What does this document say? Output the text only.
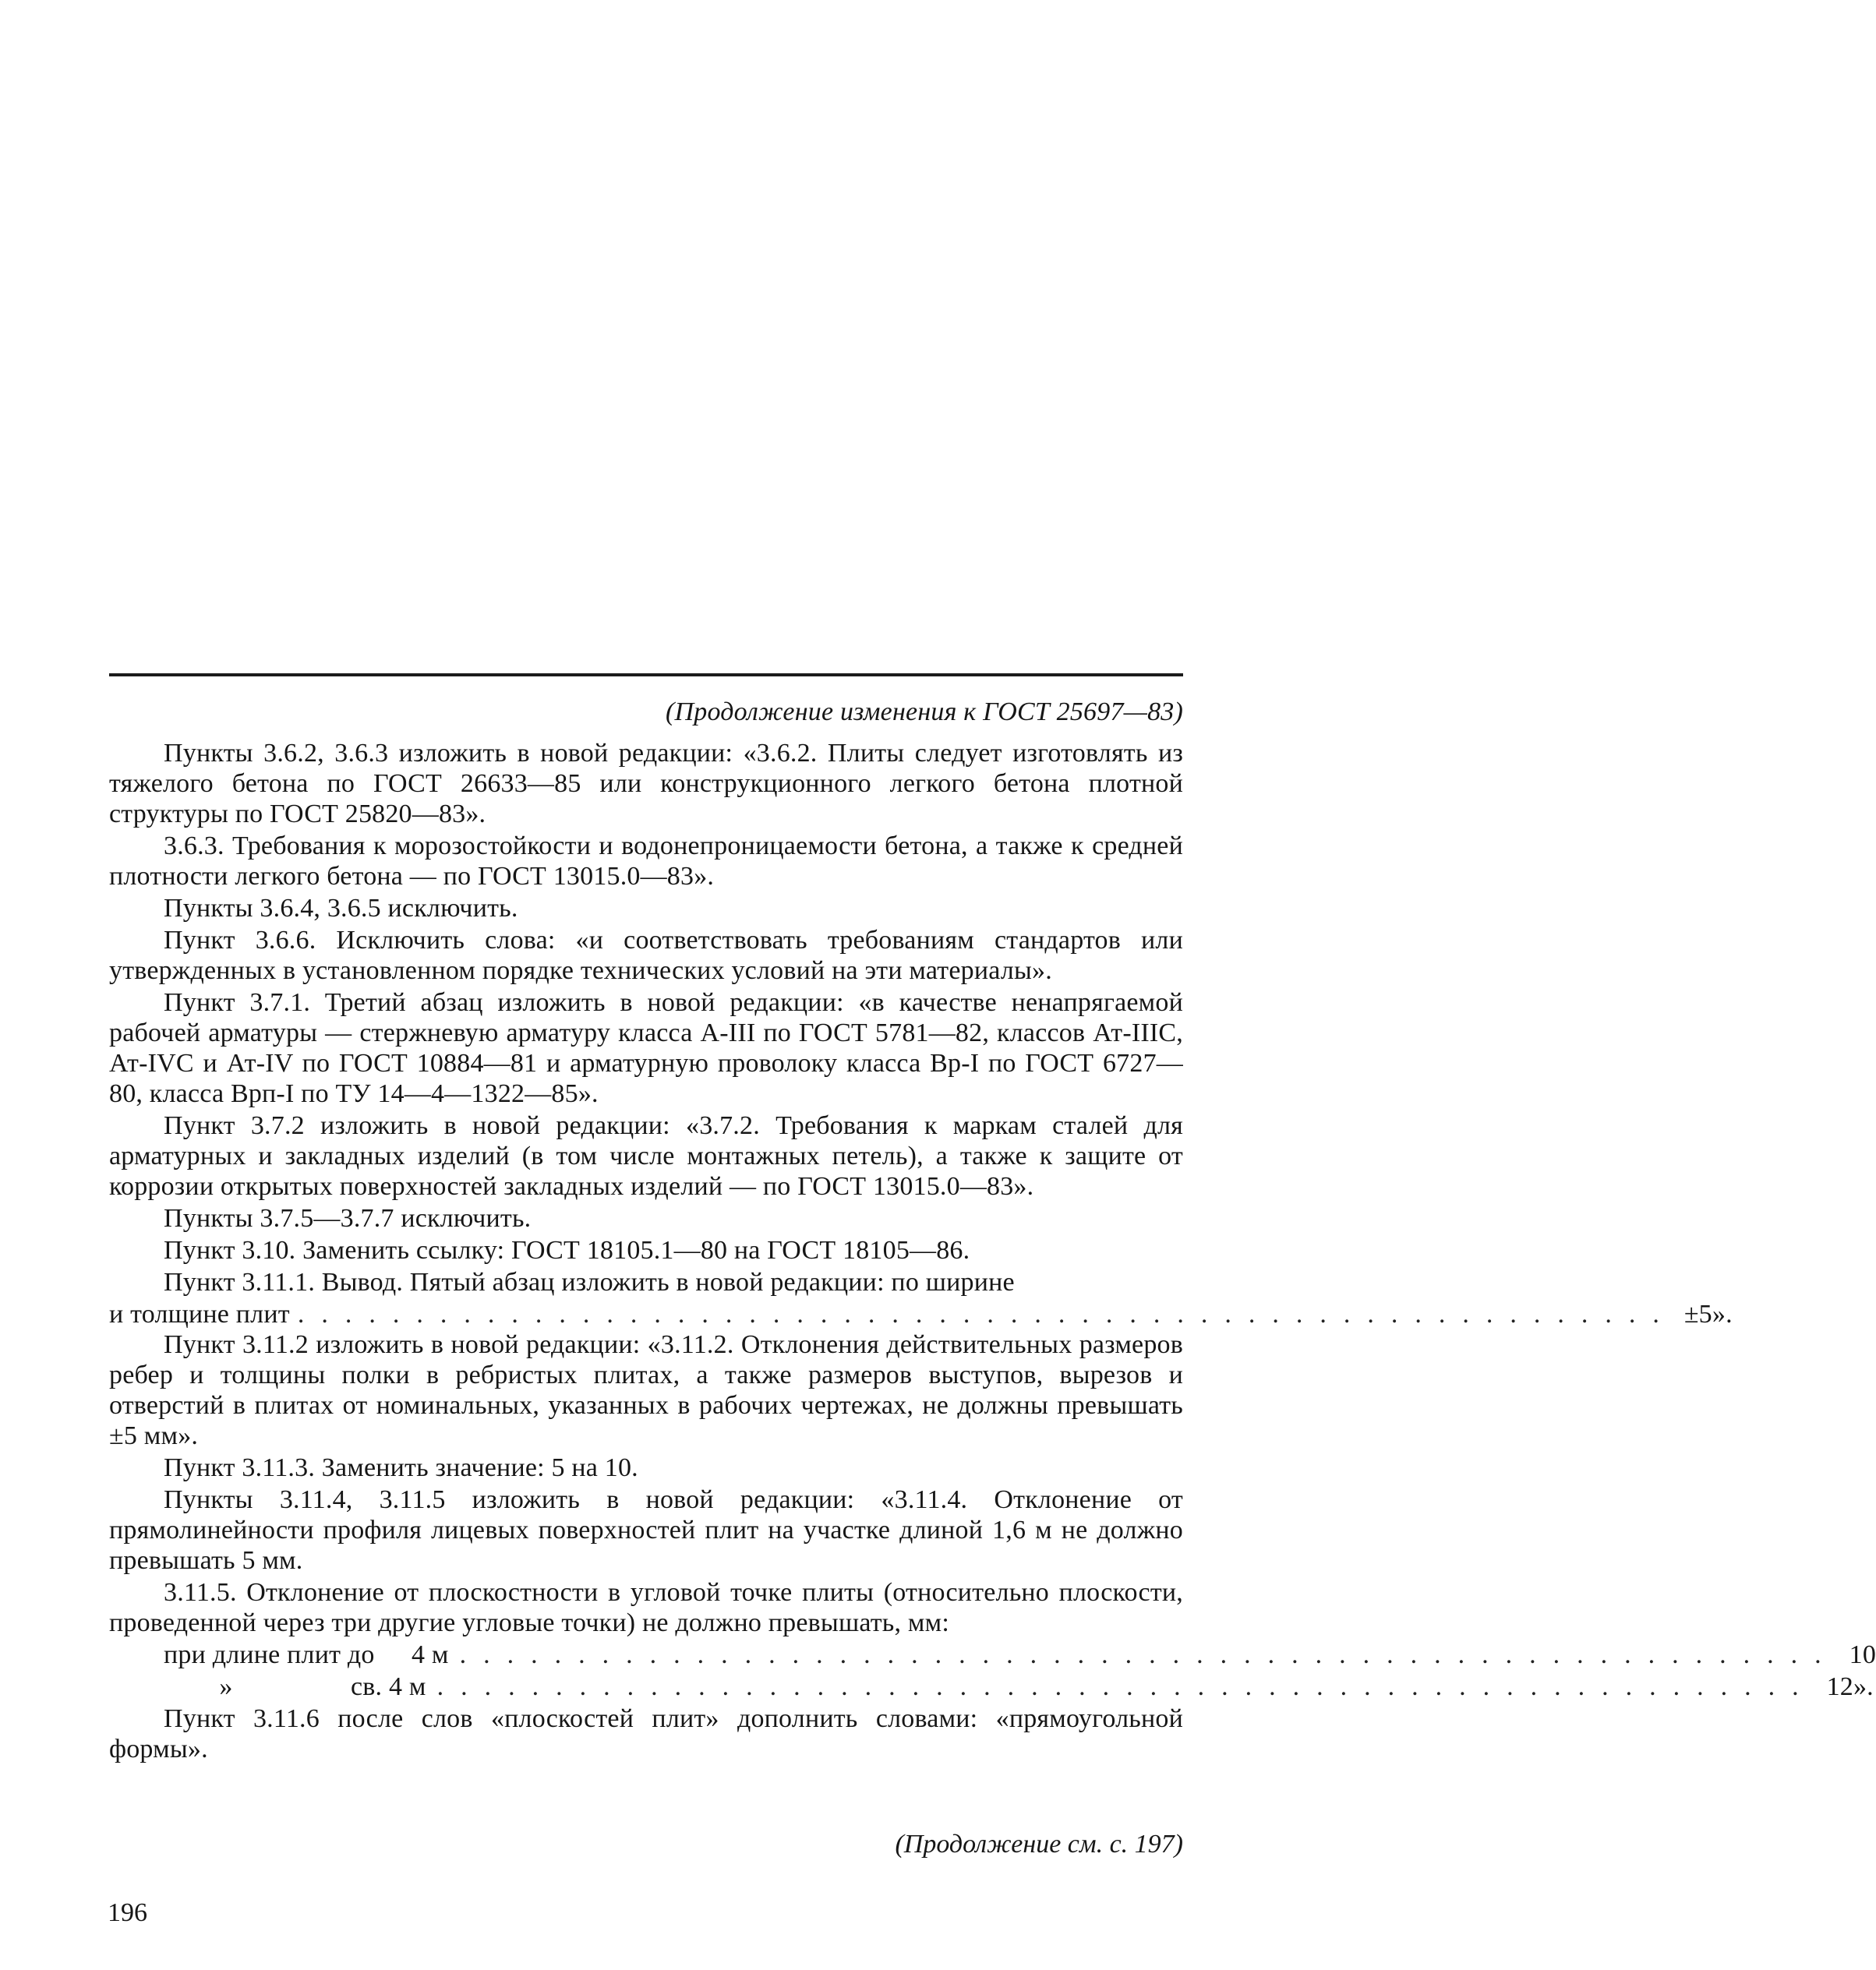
(Продолжение изменения к ГОСТ 25697—83)

Пункты 3.6.2, 3.6.3 изложить в новой редакции: «3.6.2. Плиты следует изготовлять из тяжелого бетона по ГОСТ 26633—85 или конструкционного легкого бетона плотной структуры по ГОСТ 25820—83».

3.6.3. Требования к морозостойкости и водонепроницаемости бетона, а также к средней плотности легкого бетона — по ГОСТ 13015.0—83».

Пункты 3.6.4, 3.6.5 исключить.

Пункт 3.6.6. Исключить слова: «и соответствовать требованиям стандартов или утвержденных в установленном порядке технических условий на эти материалы».

Пункт 3.7.1. Третий абзац изложить в новой редакции: «в качестве ненапрягаемой рабочей арматуры — стержневую арматуру класса А-III по ГОСТ 5781—82, классов Ат-IIIС, Ат-IVС и Ат-IV по ГОСТ 10884—81 и арматурную проволоку класса Вр-I по ГОСТ 6727—80, класса Врп-I по ТУ 14—4—1322—85».

Пункт 3.7.2 изложить в новой редакции: «3.7.2. Требования к маркам сталей для арматурных и закладных изделий (в том числе монтажных петель), а также к защите от коррозии открытых поверхностей закладных изделий — по ГОСТ 13015.0—83».

Пункты 3.7.5—3.7.7 исключить.

Пункт 3.10. Заменить ссылку: ГОСТ 18105.1—80 на ГОСТ 18105—86.

Пункт 3.11.1. Вывод. Пятый абзац изложить в новой редакции: по ширине

и толщине плит .......................................................... ±5».

Пункт 3.11.2 изложить в новой редакции: «3.11.2. Отклонения действительных размеров ребер и толщины полки в ребристых плитах, а также размеров выступов, вырезов и отверстий в плитах от номинальных, указанных в рабочих чертежах, не должны превышать ±5 мм».

Пункт 3.11.3. Заменить значение: 5 на 10.

Пункты 3.11.4, 3.11.5 изложить в новой редакции: «3.11.4. Отклонение от прямолинейности профиля лицевых поверхностей плит на участке длиной 1,6 м не должно превышать 5 мм.

3.11.5. Отклонение от плоскостности в угловой точке плиты (относительно плоскости, проведенной через три другие угловые точки) не должно превышать, мм:

при длине плит до	4 м .......................................................... 10
»	св. 4 м .......................................................... 12».

Пункт 3.11.6 после слов «плоскостей плит» дополнить словами: «прямоугольной формы».

(Продолжение см. с. 197)
196
